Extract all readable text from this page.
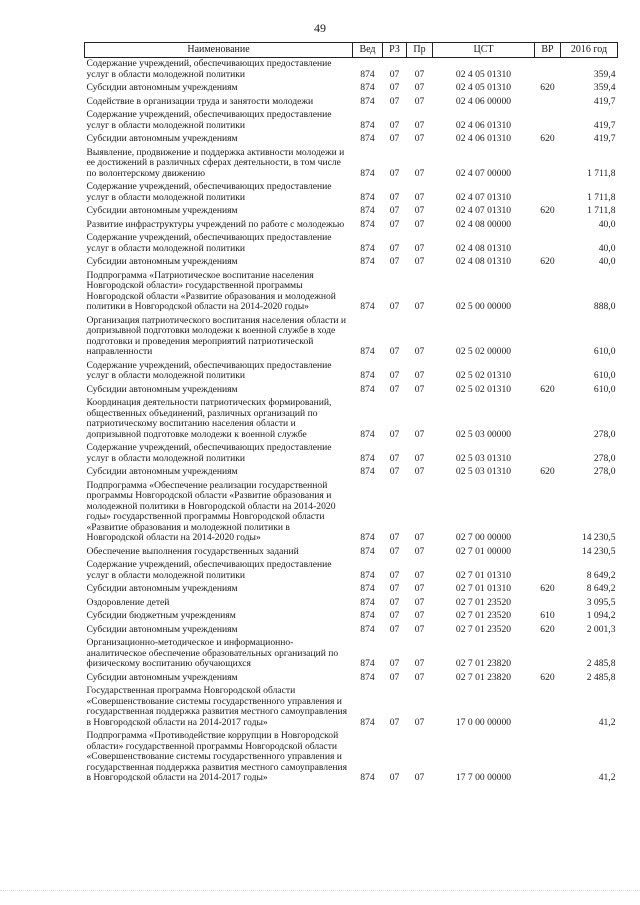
49
Наименование	Вед	РЗ	Пр	ЦСТ	ВР	2016 год
Содержание учреждений, обеспечивающих предоставление услуг в области молодежной политики	874	07	07	02 4 05 01310		359,4
Субсидии автономным учреждениям	874	07	07	02 4 05 01310	620	359,4
Содействие в организации труда и занятости молодежи	874	07	07	02 4 06 00000		419,7
Содержание учреждений, обеспечивающих предоставление услуг в области молодежной политики	874	07	07	02 4 06 01310		419,7
Субсидии автономным учреждениям	874	07	07	02 4 06 01310	620	419,7
Выявление, продвижение и поддержка активности молодежи и ее достижений в различных сферах деятельности, в том числе по волонтерскому движению	874	07	07	02 4 07 00000		1 711,8
Содержание учреждений, обеспечивающих предоставление услуг в области молодежной политики	874	07	07	02 4 07 01310		1 711,8
Субсидии автономным учреждениям	874	07	07	02 4 07 01310	620	1 711,8
Развитие инфраструктуры учреждений по работе с молодежью	874	07	07	02 4 08 00000		40,0
Содержание учреждений, обеспечивающих предоставление услуг в области молодежной политики	874	07	07	02 4 08 01310		40,0
Субсидии автономным учреждениям	874	07	07	02 4 08 01310	620	40,0
Подпрограмма «Патриотическое воспитание населения Новгородской области» государственной программы Новгородской области «Развитие образования и молодежной политики в Новгородской области на 2014-2020 годы»	874	07	07	02 5 00 00000		888,0
Организация патриотического воспитания населения области и допризывной подготовки молодежи к военной службе в ходе подготовки и проведения мероприятий патриотической направленности	874	07	07	02 5 02 00000		610,0
Содержание учреждений, обеспечивающих предоставление услуг в области молодежной политики	874	07	07	02 5 02 01310		610,0
Субсидии автономным учреждениям	874	07	07	02 5 02 01310	620	610,0
Координация деятельности патриотических формирований, общественных объединений, различных организаций по патриотическому воспитанию населения области и допризывной подготовке молодежи к военной службе	874	07	07	02 5 03 00000		278,0
Содержание учреждений, обеспечивающих предоставление услуг в области молодежной политики	874	07	07	02 5 03 01310		278,0
Субсидии автономным учреждениям	874	07	07	02 5 03 01310	620	278,0
Подпрограмма «Обеспечение реализации государственной программы Новгородской области «Развитие образования и молодежной политики в Новгородской области на 2014-2020 годы» государственной программы Новгородской области «Развитие образования и молодежной политики в Новгородской области на 2014-2020 годы»	874	07	07	02 7 00 00000		14 230,5
Обеспечение выполнения государственных заданий	874	07	07	02 7 01 00000		14 230,5
Содержание учреждений, обеспечивающих предоставление услуг в области молодежной политики	874	07	07	02 7 01 01310		8 649,2
Субсидии автономным учреждениям	874	07	07	02 7 01 01310	620	8 649,2
Оздоровление детей	874	07	07	02 7 01 23520		3 095,5
Субсидии бюджетным учреждениям	874	07	07	02 7 01 23520	610	1 094,2
Субсидии автономным учреждениям	874	07	07	02 7 01 23520	620	2 001,3
Организационно-методическое и информационно-аналитическое обеспечение образовательных организаций по физическому воспитанию обучающихся	874	07	07	02 7 01 23820		2 485,8
Субсидии автономным учреждениям	874	07	07	02 7 01 23820	620	2 485,8
Государственная программа Новгородской области «Совершенствование системы государственного управления и государственная поддержка развития местного самоуправления в Новгородской области на 2014-2017 годы»	874	07	07	17 0 00 00000		41,2
Подпрограмма «Противодействие коррупции в Новгородской области» государственной программы Новгородской области «Совершенствование системы государственного управления и государственная поддержка развития местного самоуправления в Новгородской области на 2014-2017 годы»	874	07	07	17 7 00 00000		41,2
